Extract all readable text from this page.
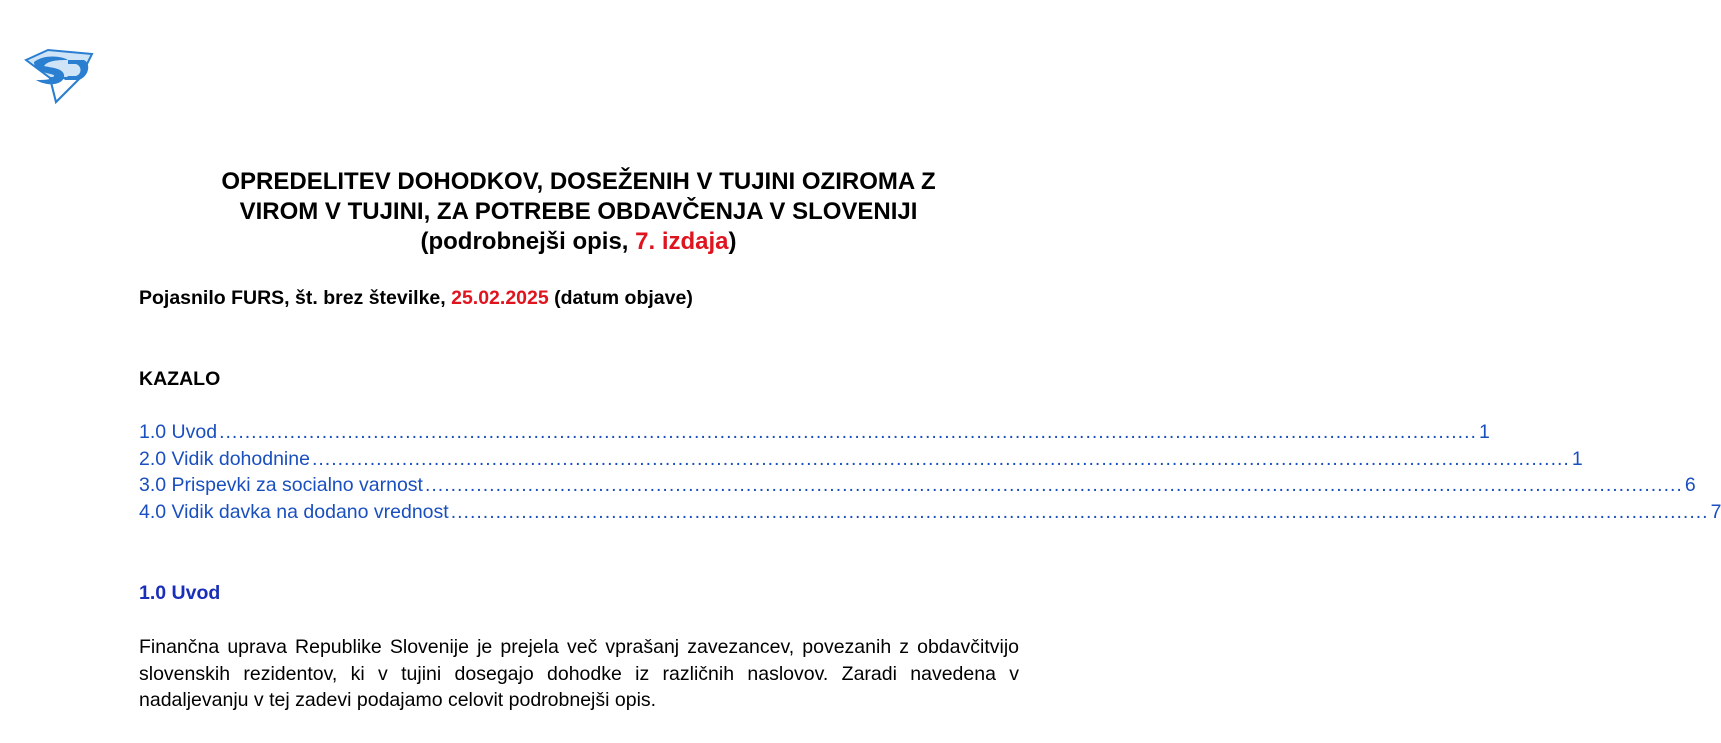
OPREDELITEV DOHODKOV, DOSEŽENIH V TUJINI OZIROMA Z
VIROM V TUJINI, ZA POTREBE OBDAVČENJA V SLOVENIJI
(podrobnejši opis, 7. izdaja)
Pojasnilo FURS, št. brez številke, 25.02.2025 (datum objave)
KAZALO
1.0 Uvod .................................................................................................................................................................................................... 1
2.0 Vidik dohodnine .................................................................................................................................................................................................... 1
3.0 Prispevki za socialno varnost .................................................................................................................................................................................................... 6
4.0 Vidik davka na dodano vrednost .................................................................................................................................................................................................... 7
1.0 Uvod
Finančna uprava Republike Slovenije je prejela več vprašanj zavezancev, povezanih z obdavčitvijo slovenskih rezidentov, ki v tujini dosegajo dohodke iz različnih naslovov. Zaradi navedena v nadaljevanju v tej zadevi podajamo celovit podrobnejši opis.
